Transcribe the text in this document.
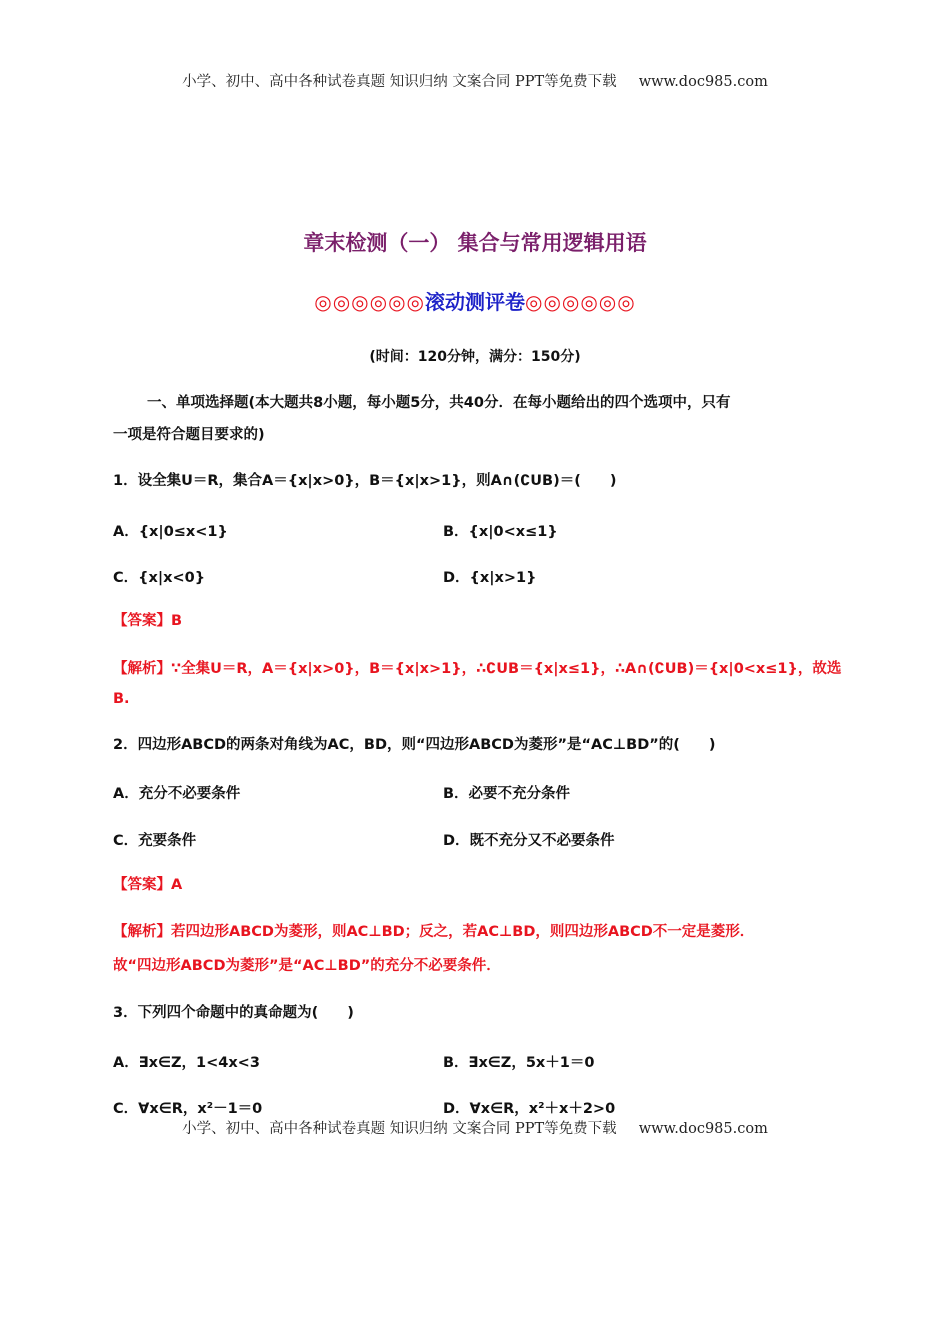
小学、初中、高中各种试卷真题 知识归纳 文案合同 PPT等免费下载 www.doc985.com
章末检测（一） 集合与常用逻辑用语
◎◎◎◎◎◎滚动测评卷◎◎◎◎◎◎
(时间：120分钟，满分：150分)
一、单项选择题(本大题共8小题，每小题5分，共40分．在每小题给出的四个选项中，只有
一项是符合题目要求的)
1．设全集U＝R，集合A＝{x|x>0}，B＝{x|x>1}，则A∩(∁UB)＝(　　)
A．{x|0≤x<1}	B．{x|0<x≤1}
C．{x|x<0}	D．{x|x>1}
【答案】B
【解析】∵全集U＝R，A＝{x|x>0}，B＝{x|x>1}，∴∁UB＝{x|x≤1}，∴A∩(∁UB)＝{x|0<x≤1}，故选
B.
2．四边形ABCD的两条对角线为AC，BD，则“四边形ABCD为菱形”是“AC⊥BD”的(　　)
A．充分不必要条件	B．必要不充分条件
C．充要条件	D．既不充分又不必要条件
【答案】A
【解析】若四边形ABCD为菱形，则AC⊥BD；反之，若AC⊥BD，则四边形ABCD不一定是菱形．
故“四边形ABCD为菱形”是“AC⊥BD”的充分不必要条件．
3．下列四个命题中的真命题为(　　)
A．∃x∈Z，1<4x<3	B．∃x∈Z，5x＋1＝0
C．∀x∈R，x²－1＝0	D．∀x∈R，x²＋x＋2>0
小学、初中、高中各种试卷真题 知识归纳 文案合同 PPT等免费下载 www.doc985.com
